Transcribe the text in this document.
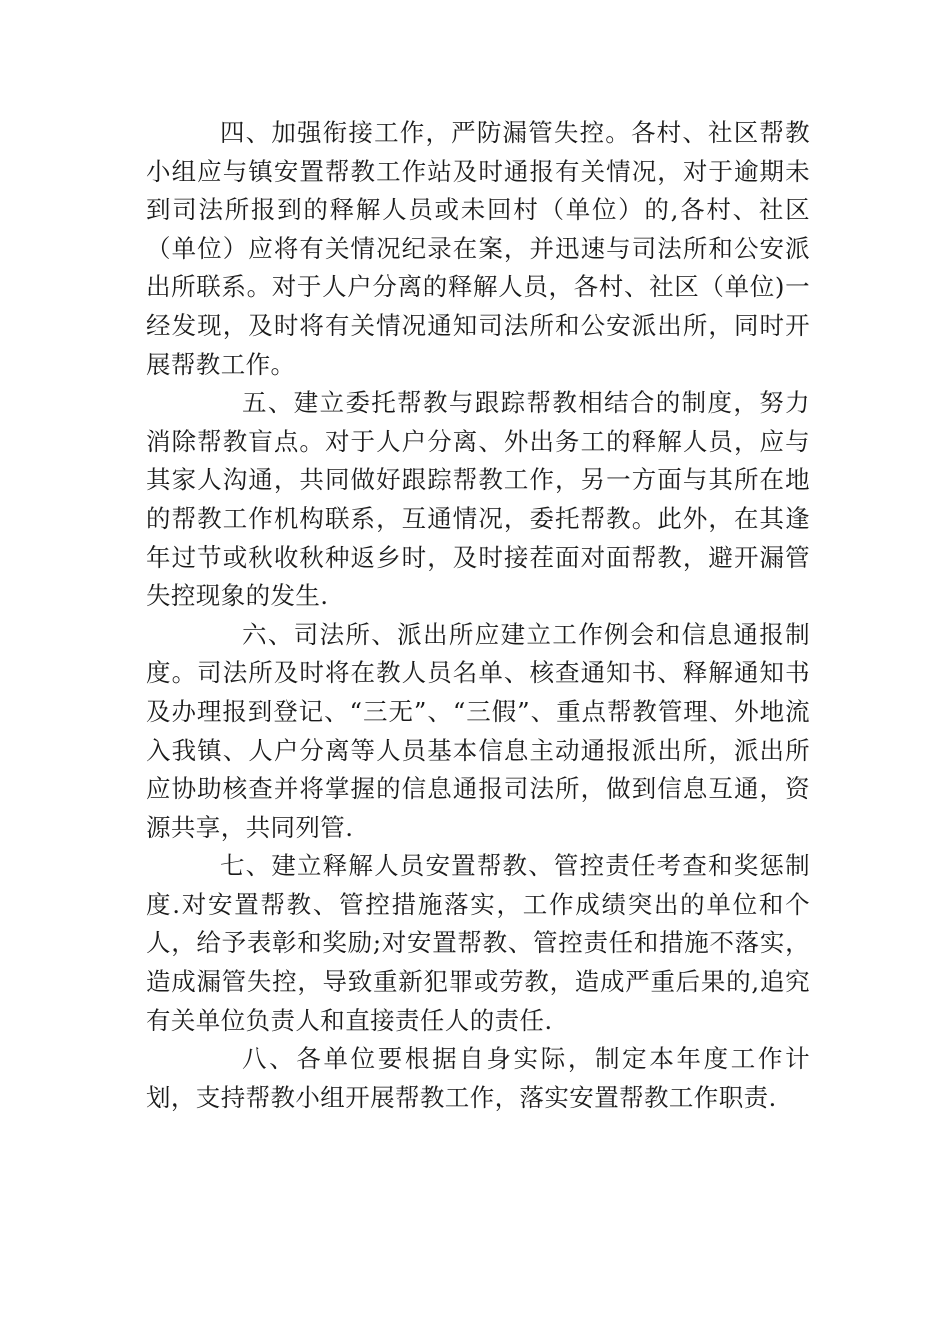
四、加强衔接工作，严防漏管失控。各村、社区帮教小组应与镇安置帮教工作站及时通报有关情况，对于逾期未到司法所报到的释解人员或未回村（单位）的,各村、社区（单位）应将有关情况纪录在案，并迅速与司法所和公安派出所联系。对于人户分离的释解人员，各村、社区（单位)一经发现，及时将有关情况通知司法所和公安派出所，同时开展帮教工作。

五、建立委托帮教与跟踪帮教相结合的制度，努力消除帮教盲点。对于人户分离、外出务工的释解人员，应与其家人沟通，共同做好跟踪帮教工作，另一方面与其所在地的帮教工作机构联系，互通情况，委托帮教。此外，在其逢年过节或秋收秋种返乡时，及时接茬面对面帮教，避开漏管失控现象的发生.

六、司法所、派出所应建立工作例会和信息通报制度。司法所及时将在教人员名单、核查通知书、释解通知书及办理报到登记、“三无”、“三假”、重点帮教管理、外地流入我镇、人户分离等人员基本信息主动通报派出所，派出所应协助核查并将掌握的信息通报司法所，做到信息互通，资源共享，共同列管.

七、建立释解人员安置帮教、管控责任考查和奖惩制度.对安置帮教、管控措施落实，工作成绩突出的单位和个人，给予表彰和奖励;对安置帮教、管控责任和措施不落实，造成漏管失控，导致重新犯罪或劳教，造成严重后果的,追究有关单位负责人和直接责任人的责任.

八、各单位要根据自身实际，制定本年度工作计划，支持帮教小组开展帮教工作，落实安置帮教工作职责.
